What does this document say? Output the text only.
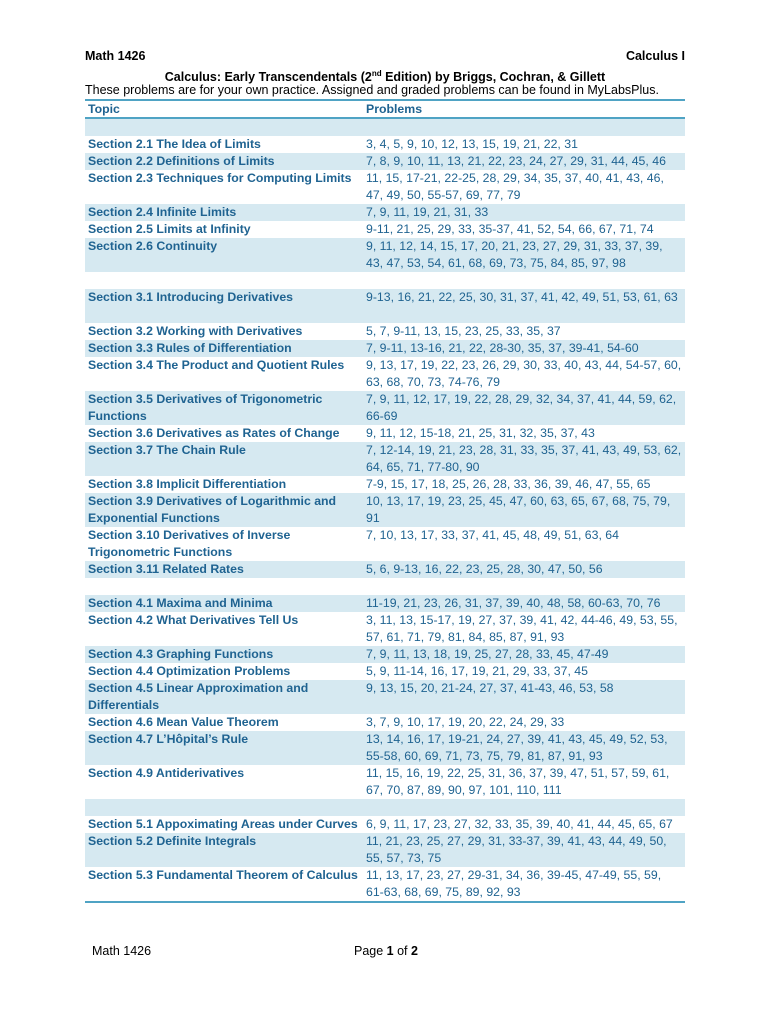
Math 1426	Calculus I
Calculus: Early Transcendentals (2nd Edition) by Briggs, Cochran, & Gillett
These problems are for your own practice. Assigned and graded problems can be found in MyLabsPlus.
Topic	Problems

Section 2.1 The Idea of Limits	3, 4, 5, 9, 10, 12, 13, 15, 19, 21, 22, 31
Section 2.2 Definitions of Limits	7, 8, 9, 10, 11, 13, 21, 22, 23, 24, 27, 29, 31, 44, 45, 46
Section 2.3 Techniques for Computing Limits	11, 15, 17-21, 22-25, 28, 29, 34, 35, 37, 40, 41, 43, 46, 47, 49, 50, 55-57, 69, 77, 79
Section 2.4 Infinite Limits	7, 9, 11, 19, 21, 31, 33
Section 2.5 Limits at Infinity	9-11, 21, 25, 29, 33, 35-37, 41, 52, 54, 66, 67, 71, 74
Section 2.6 Continuity	9, 11, 12, 14, 15, 17, 20, 21, 23, 27, 29, 31, 33, 37, 39, 43, 47, 53, 54, 61, 68, 69, 73, 75, 84, 85, 97, 98

Section 3.1 Introducing Derivatives	9-13, 16, 21, 22, 25, 30, 31, 37, 41, 42, 49, 51, 53, 61, 63
Section 3.2 Working with Derivatives	5, 7, 9-11, 13, 15, 23, 25, 33, 35, 37
Section 3.3 Rules of Differentiation	7, 9-11, 13-16, 21, 22, 28-30, 35, 37, 39-41, 54-60
Section 3.4 The Product and Quotient Rules	9, 13, 17, 19, 22, 23, 26, 29, 30, 33, 40, 43, 44, 54-57, 60, 63, 68, 70, 73, 74-76, 79
Section 3.5 Derivatives of Trigonometric Functions	7, 9, 11, 12, 17, 19, 22, 28, 29, 32, 34, 37, 41, 44, 59, 62, 66-69
Section 3.6 Derivatives as Rates of Change	9, 11, 12, 15-18, 21, 25, 31, 32, 35, 37, 43
Section 3.7 The Chain Rule	7, 12-14, 19, 21, 23, 28, 31, 33, 35, 37, 41, 43, 49, 53, 62, 64, 65, 71, 77-80, 90
Section 3.8 Implicit Differentiation	7-9, 15, 17, 18, 25, 26, 28, 33, 36, 39, 46, 47, 55, 65
Section 3.9 Derivatives of Logarithmic and Exponential Functions	10, 13, 17, 19, 23, 25, 45, 47, 60, 63, 65, 67, 68, 75, 79, 91
Section 3.10 Derivatives of Inverse Trigonometric Functions	7, 10, 13, 17, 33, 37, 41, 45, 48, 49, 51, 63, 64
Section 3.11 Related Rates	5, 6, 9-13, 16, 22, 23, 25, 28, 30, 47, 50, 56

Section 4.1 Maxima and Minima	11-19, 21, 23, 26, 31, 37, 39, 40, 48, 58, 60-63, 70, 76
Section 4.2 What Derivatives Tell Us	3, 11, 13, 15-17, 19, 27, 37, 39, 41, 42, 44-46, 49, 53, 55, 57, 61, 71, 79, 81, 84, 85, 87, 91, 93
Section 4.3 Graphing Functions	7, 9, 11, 13, 18, 19, 25, 27, 28, 33, 45, 47-49
Section 4.4 Optimization Problems	5, 9, 11-14, 16, 17, 19, 21, 29, 33, 37, 45
Section 4.5 Linear Approximation and Differentials	9, 13, 15, 20, 21-24, 27, 37, 41-43, 46, 53, 58
Section 4.6 Mean Value Theorem	3, 7, 9, 10, 17, 19, 20, 22, 24, 29, 33
Section 4.7 L’Hôpital’s Rule	13, 14, 16, 17, 19-21, 24, 27, 39, 41, 43, 45, 49, 52, 53, 55-58, 60, 69, 71, 73, 75, 79, 81, 87, 91, 93
Section 4.9 Antiderivatives	11, 15, 16, 19, 22, 25, 31, 36, 37, 39, 47, 51, 57, 59, 61, 67, 70, 87, 89, 90, 97, 101, 110, 111

Section 5.1 Appoximating Areas under Curves	6, 9, 11, 17, 23, 27, 32, 33, 35, 39, 40, 41, 44, 45, 65, 67
Section 5.2 Definite Integrals	11, 21, 23, 25, 27, 29, 31, 33-37, 39, 41, 43, 44, 49, 50, 55, 57, 73, 75
Section 5.3 Fundamental Theorem of Calculus	11, 13, 17, 23, 27, 29-31, 34, 36, 39-45, 47-49, 55, 59, 61-63, 68, 69, 75, 89, 92, 93
Math 1426	Page 1 of 2
